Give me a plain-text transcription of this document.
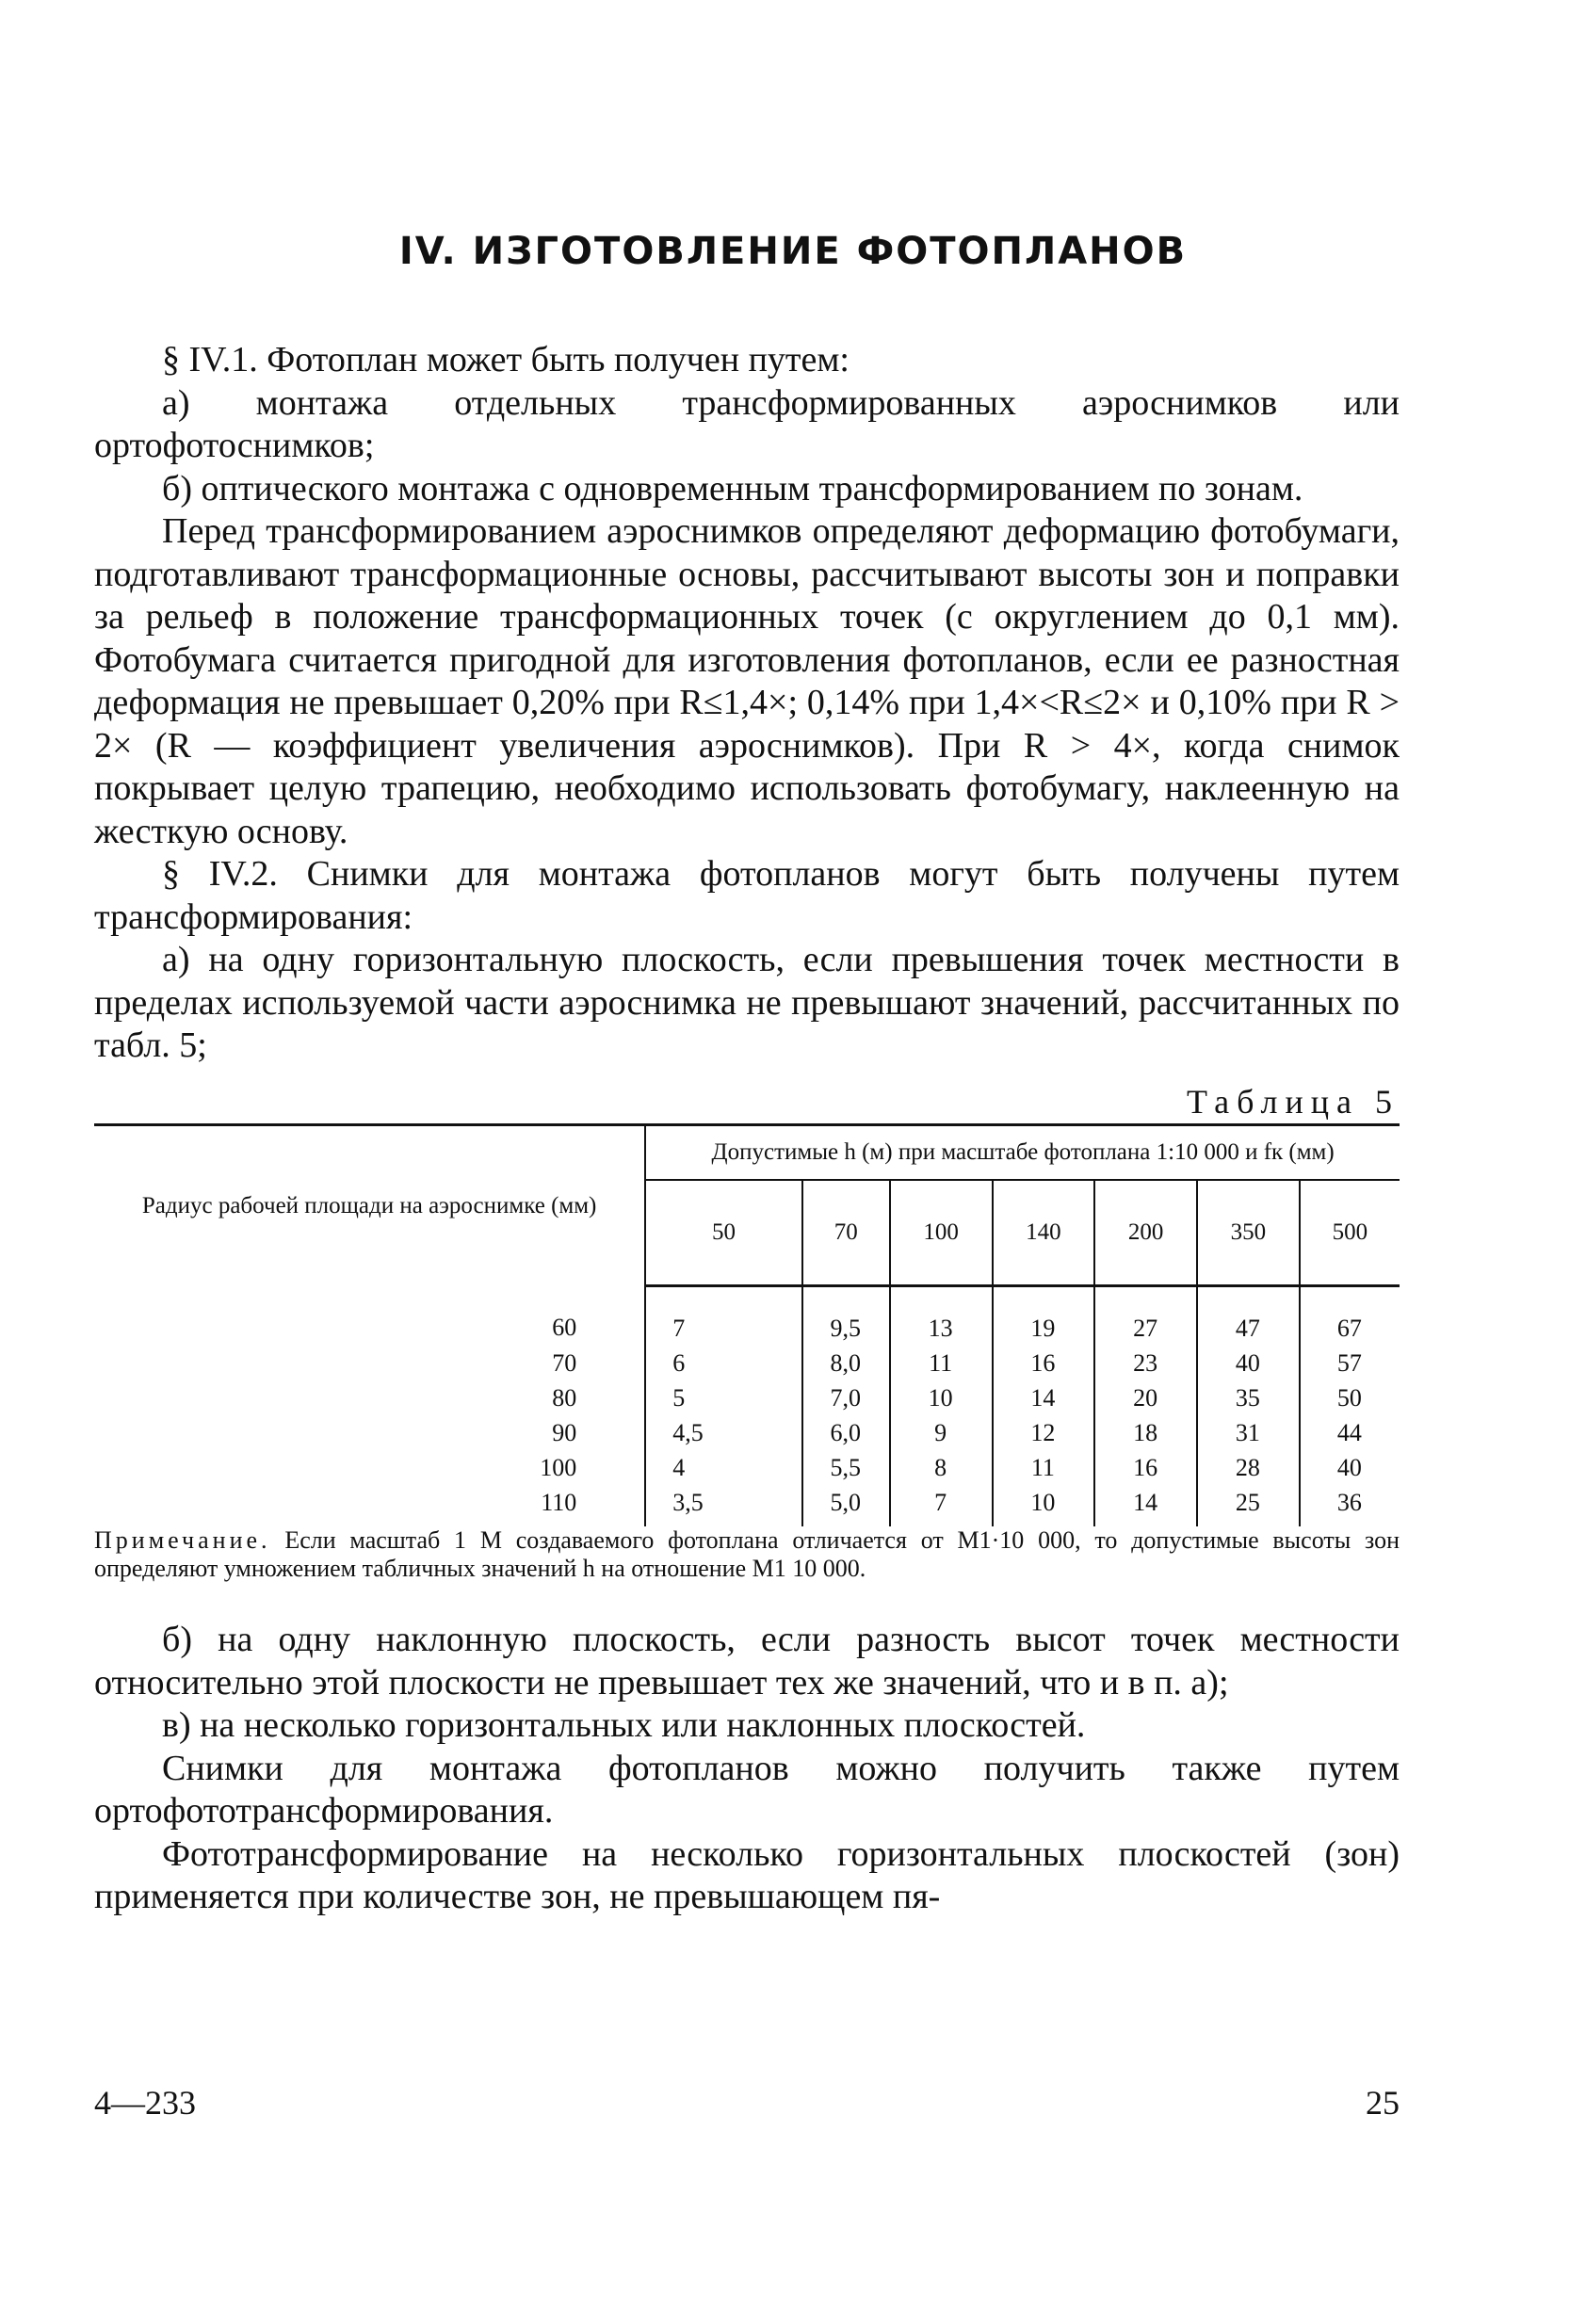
IV. ИЗГОТОВЛЕНИЕ ФОТОПЛАНОВ

§ IV.1. Фотоплан может быть получен путем:

а) монтажа отдельных трансформированных аэроснимков или ортофотоснимков;

б) оптического монтажа с одновременным трансформированием по зонам.

Перед трансформированием аэроснимков определяют деформацию фотобумаги, подготавливают трансформационные основы, рассчитывают высоты зон и поправки за рельеф в положение трансформационных точек (с округлением до 0,1 мм). Фотобумага считается пригодной для изготовления фотопланов, если ее разностная деформация не превышает 0,20% при R≤1,4×; 0,14% при 1,4×<R≤2× и 0,10% при R > 2× (R — коэффициент увеличения аэроснимков). При R > 4×, когда снимок покрывает целую трапецию, необходимо использовать фотобумагу, наклеенную на жесткую основу.

§ IV.2. Снимки для монтажа фотопланов могут быть получены путем трансформирования:

а) на одну горизонтальную плоскость, если превышения точек местности в пределах используемой части аэроснимка не превышают значений, рассчитанных по табл. 5;

Таблица 5

Радиус рабочей площади на аэроснимке (мм)	Допустимые h (м) при масштабе фотоплана 1:10 000 и fк (мм)						
	50	70	100	140	200	350	500
60	7	9,5	13	19	27	47	67
70	6	8,0	11	16	23	40	57
80	5	7,0	10	14	20	35	50
90	4,5	6,0	9	12	18	31	44
100	4	5,5	8	11	16	28	40
110	3,5	5,0	7	10	14	25	36

Примечание. Если масштаб 1 M создаваемого фотоплана отличается от M1·10 000, то допустимые высоты зон определяют умножением табличных значений h на отношение M1 10 000.

б) на одну наклонную плоскость, если разность высот точек местности относительно этой плоскости не превышает тех же значений, что и в п. а);

в) на несколько горизонтальных или наклонных плоскостей.

Снимки для монтажа фотопланов можно получить также путем ортофототрансформирования.

Фототрансформирование на несколько горизонтальных плоскостей (зон) применяется при количестве зон, не превышающем пя-

4—233	25
